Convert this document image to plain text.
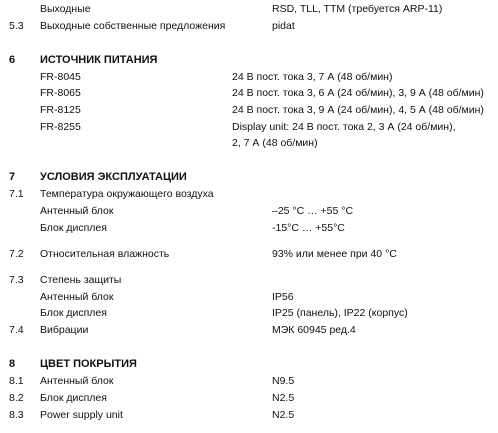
Выходные	RSD, TLL, TTM (требуется ARP-11)
5.3 Выходные собственные предложения	pidat
6 ИСТОЧНИК ПИТАНИЯ
FR-8045	24 В пост. тока 3, 7 А (48 об/мин)
FR-8065	24 В пост. тока 3, 6 А (24 об/мин), 3, 9 А (48 об/мин)
FR-8125	24 В пост. тока 3, 9 А (24 об/мин), 4, 5 А (48 об/мин)
FR-8255	Display unit: 24 В пост. тока 2, 3 А (24 об/мин),
2, 7 А (48 об/мин)
7 УСЛОВИЯ ЭКСПЛУАТАЦИИ
7.1 Температура окружающего воздуха
Антенный блок	–25 °C … +55 °C
Блок дисплея	-15°C … +55°C
7.2 Относительная влажность	93% или менее при 40 °C
7.3 Степень защиты
Антенный блок	IP56
Блок дисплея	IP25 (панель), IP22 (корпус)
7.4 Вибрации	МЭК 60945 ред.4
8 ЦВЕТ ПОКРЫТИЯ
8.1 Антенный блок	N9.5
8.2 Блок дисплея	N2.5
8.3 Power supply unit	N2.5
